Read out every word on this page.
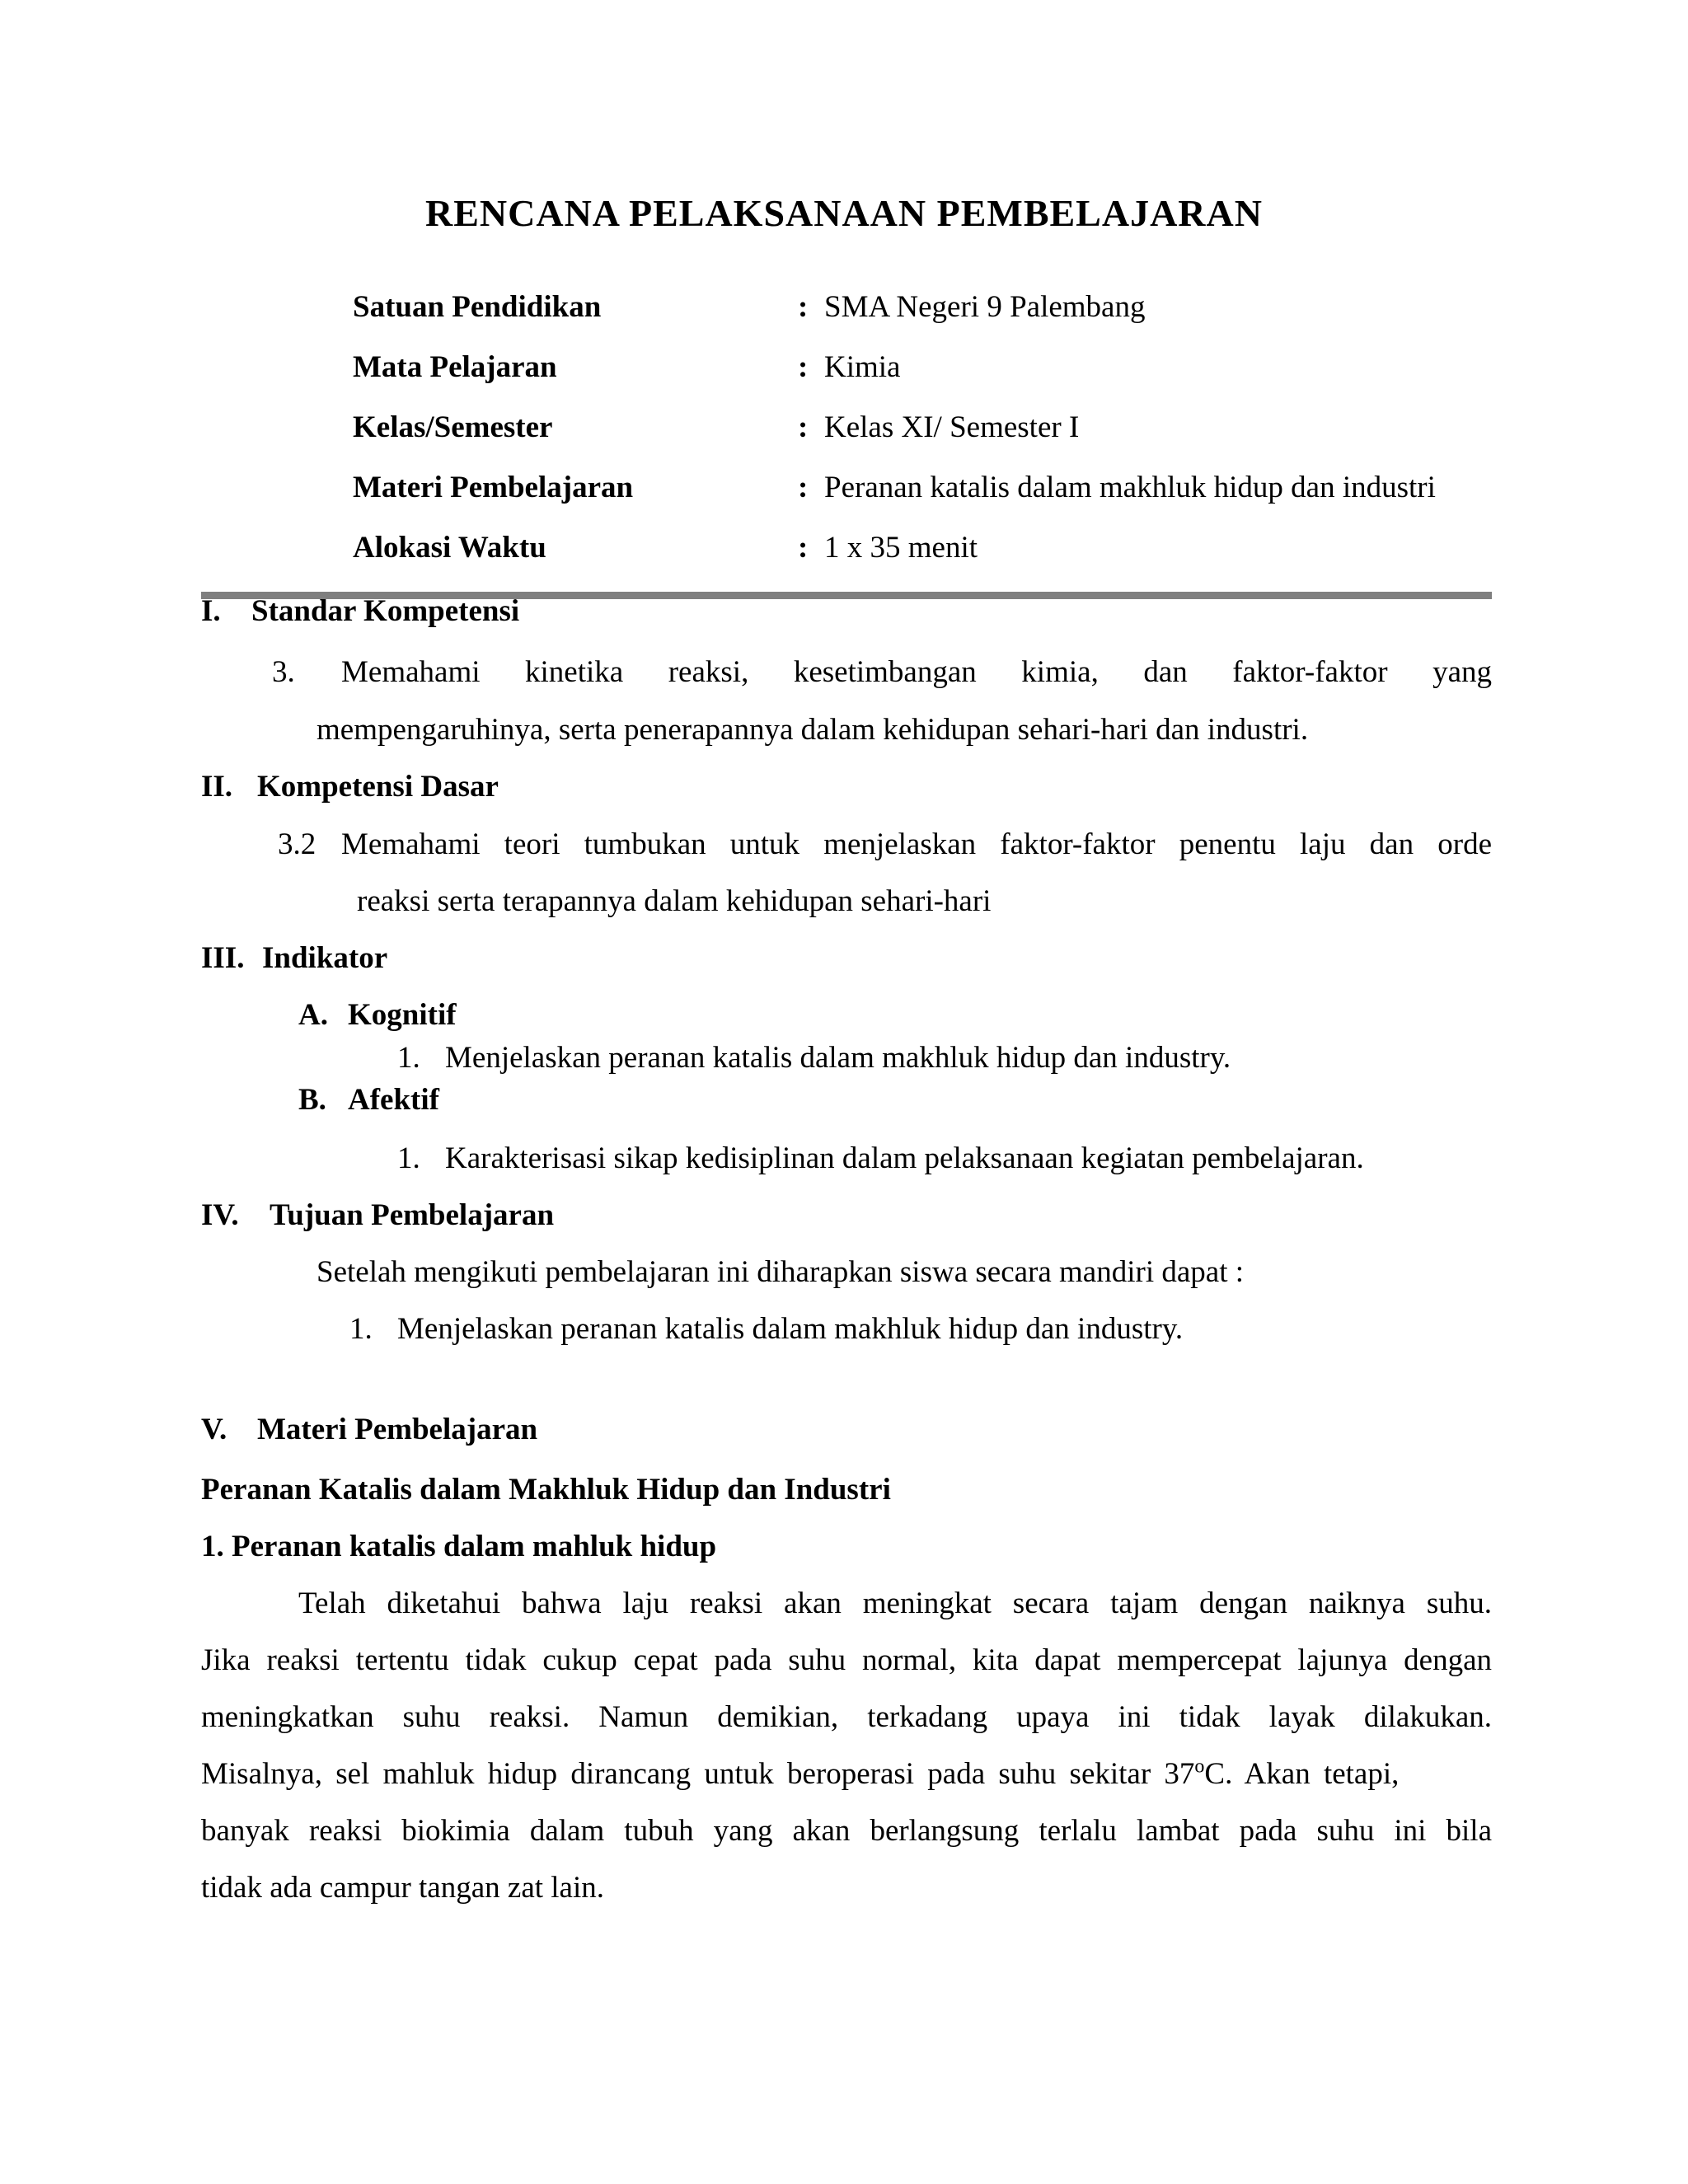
RENCANA PELAKSANAAN PEMBELAJARAN
Satuan Pendidikan	: SMA Negeri 9 Palembang
Mata Pelajaran	: Kimia
Kelas/Semester	: Kelas XI/ Semester I
Materi Pembelajaran	: Peranan katalis dalam makhluk hidup dan industri
Alokasi Waktu	: 1 x 35 menit
I. Standar Kompetensi
3. Memahami kinetika reaksi, kesetimbangan kimia, dan faktor-faktor yang
mempengaruhinya, serta penerapannya dalam kehidupan sehari-hari dan industri.
II. Kompetensi Dasar
3.2 Memahami teori tumbukan untuk menjelaskan faktor-faktor penentu laju dan orde
reaksi serta terapannya dalam kehidupan sehari-hari
III. Indikator
A. Kognitif
1. Menjelaskan peranan katalis dalam makhluk hidup dan industry.
B. Afektif
1. Karakterisasi sikap kedisiplinan dalam pelaksanaan kegiatan pembelajaran.
IV. Tujuan Pembelajaran
Setelah mengikuti pembelajaran ini diharapkan siswa secara mandiri dapat :
1. Menjelaskan peranan katalis dalam makhluk hidup dan industry.
V. Materi Pembelajaran
Peranan Katalis dalam Makhluk Hidup dan Industri
1. Peranan katalis dalam mahluk hidup
Telah diketahui bahwa laju reaksi akan meningkat secara tajam dengan naiknya suhu.
Jika reaksi tertentu tidak cukup cepat pada suhu normal, kita dapat mempercepat lajunya dengan
meningkatkan suhu reaksi. Namun demikian, terkadang upaya ini tidak layak dilakukan.
Misalnya, sel mahluk hidup dirancang untuk beroperasi pada suhu sekitar 37$^o$C. Akan tetapi,
banyak reaksi biokimia dalam tubuh yang akan berlangsung terlalu lambat pada suhu ini bila
tidak ada campur tangan zat lain.
